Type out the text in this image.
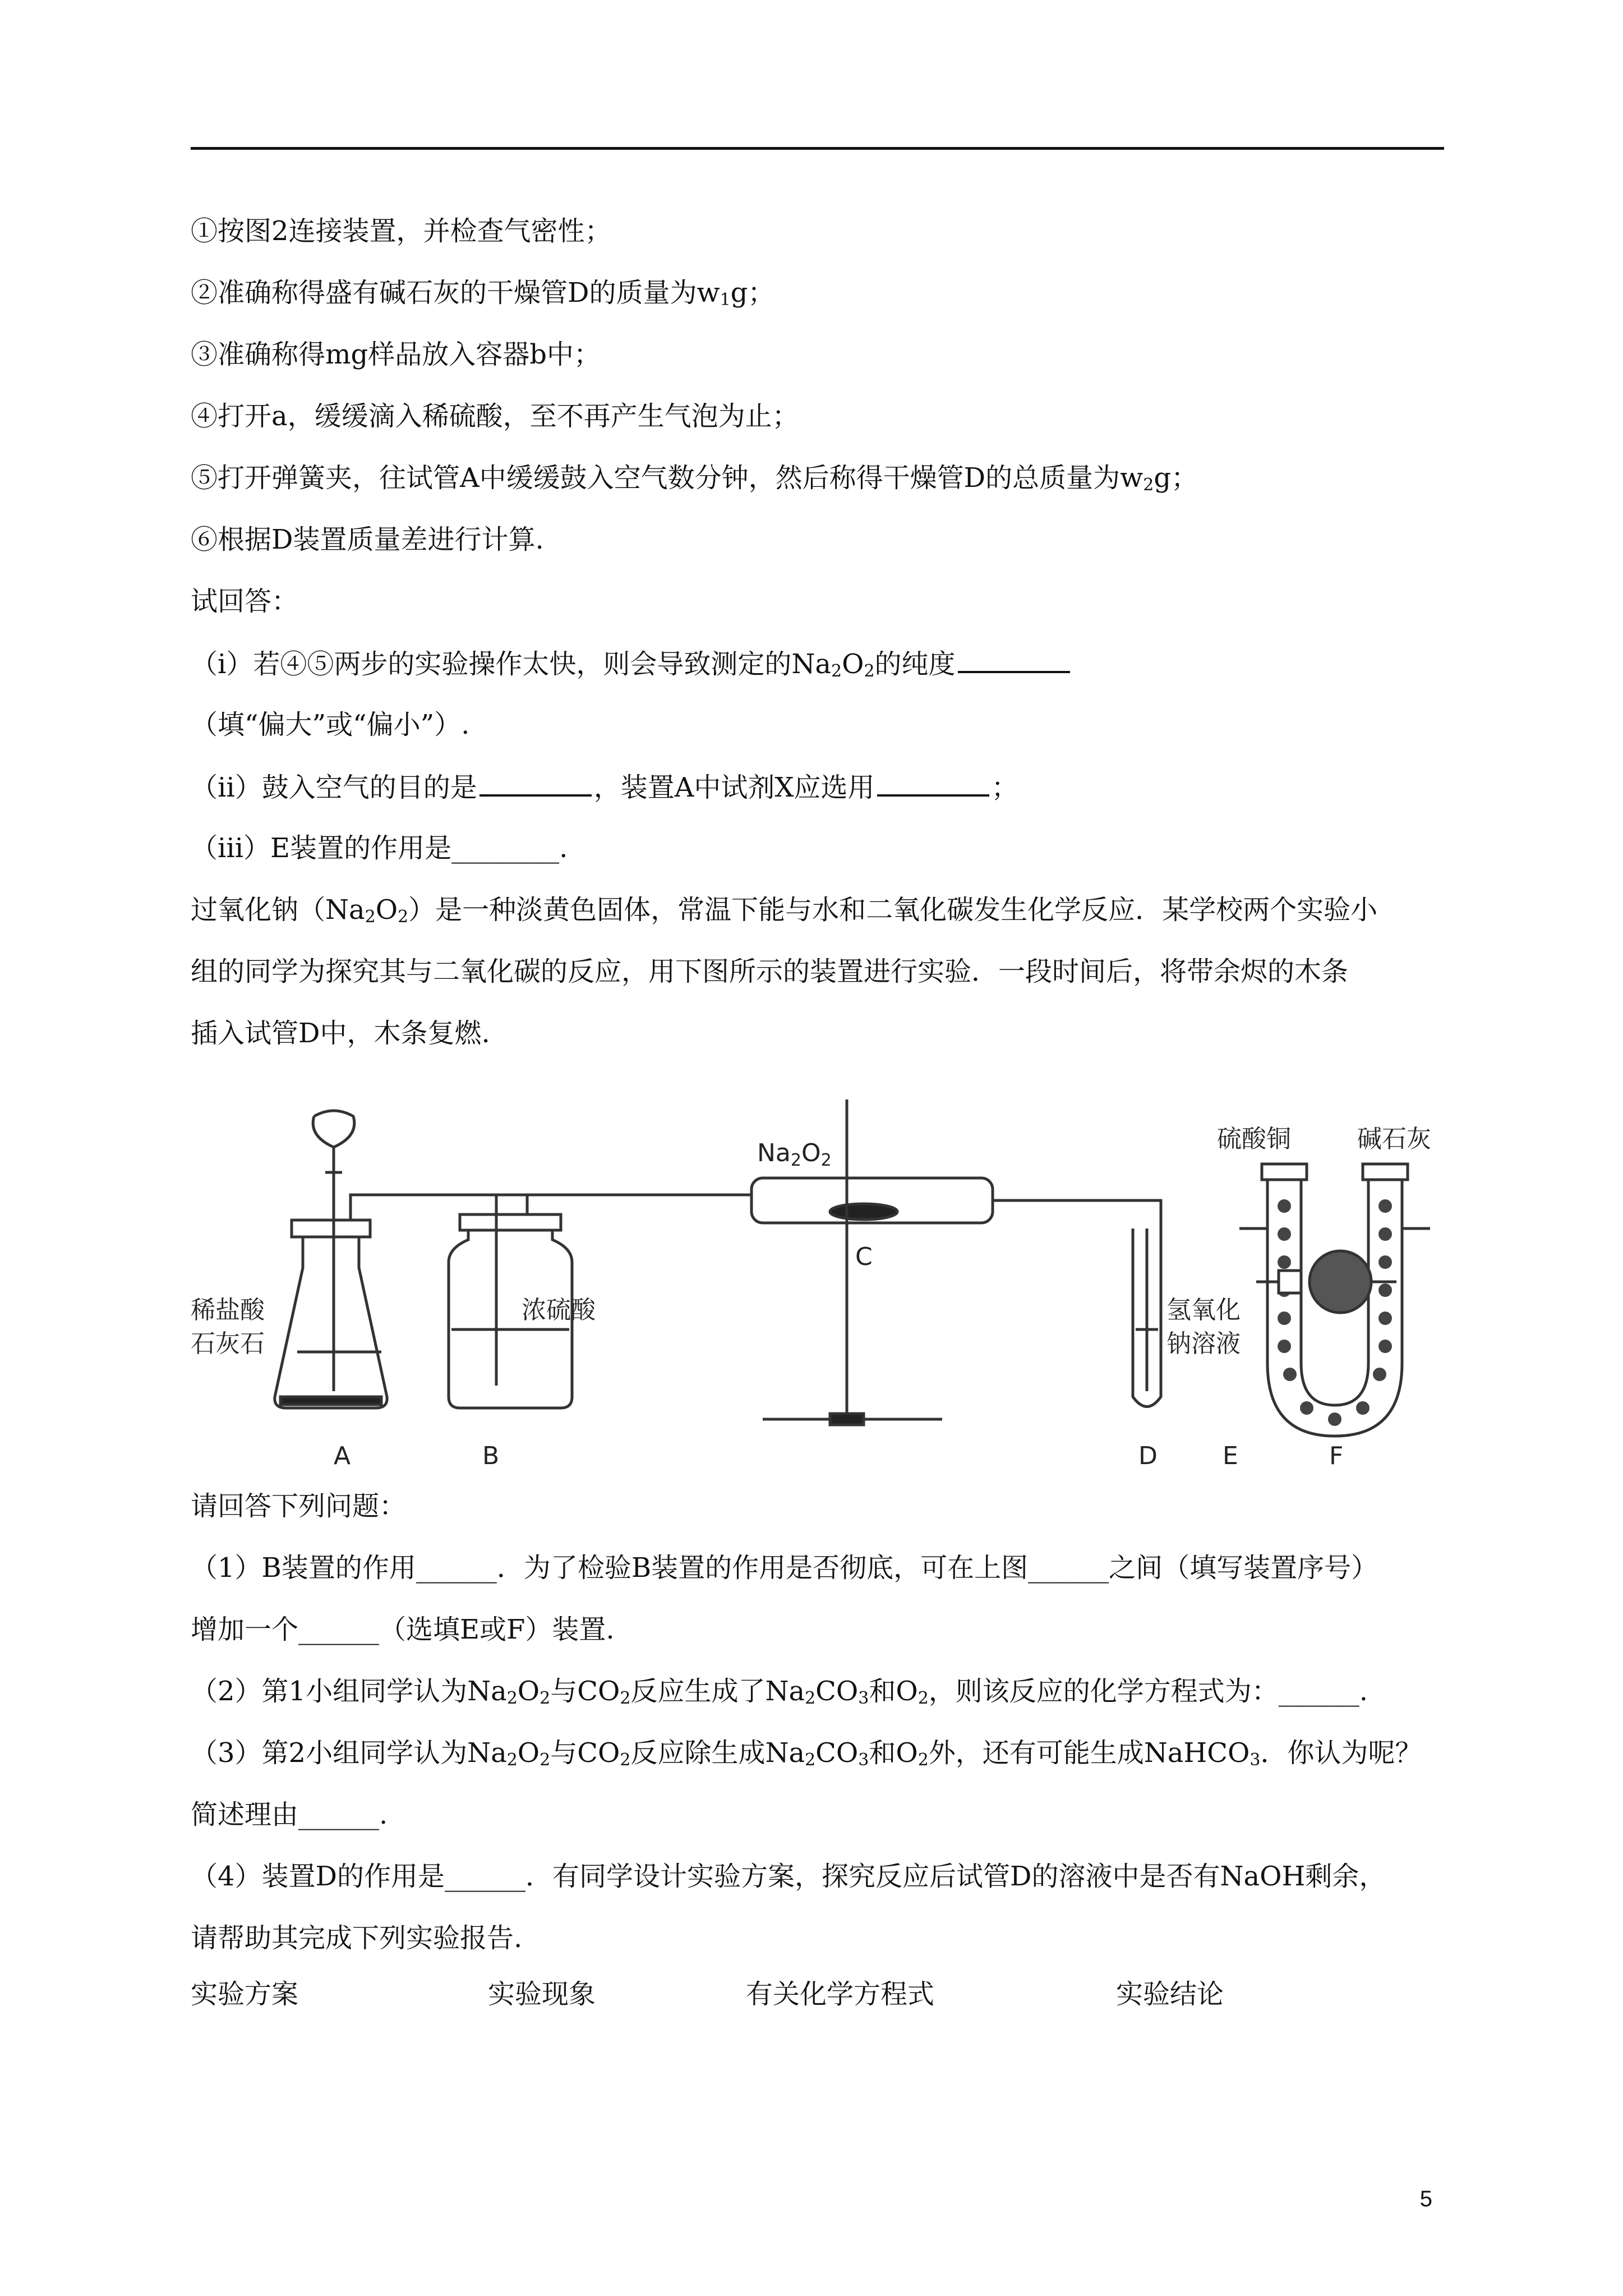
①按图2连接装置，并检查气密性；
②准确称得盛有碱石灰的干燥管D的质量为$w_1g$；
③准确称得mg样品放入容器b中；
④打开a，缓缓滴入稀硫酸，至不再产生气泡为止；
⑤打开弹簧夹，往试管A中缓缓鼓入空气数分钟，然后称得干燥管D的总质量为$w_2g$；
⑥根据D装置质量差进行计算.
试回答：
（i）若④⑤两步的实验操作太快，则会导致测定的$Na_2O_2$的纯度
（填“偏大”或“偏小”）.
（ii）鼓入空气的目的是	，装置A中试剂X应选用	；
（iii）E装置的作用是________.
过氧化钠$(Na_2O_2)$是一种淡黄色固体，常温下能与水和二氧化碳发生化学反应．某学校两个实验小
组的同学为探究其与二氧化碳的反应，用下图所示的装置进行实验．一段时间后，将带余烬的木条
插入试管D中，木条复燃.
Na2O2
C
稀盐酸
石灰石
浓硫酸	氢氧化
钠溶液
硫酸铜	碱石灰
A	B	D	E	F
请回答下列问题：
（1）B装置的作用______．为了检验B装置的作用是否彻底，可在上图______之间（填写装置序号）
增加一个______（选填E或F）装置.
（2）第1小组同学认为$Na_2O_2$与$CO_2$反应生成了$Na_2CO_3$和$O_2$，则该反应的化学方程式为：______.
（3）第2小组同学认为$Na_2O_2$与$CO_2$反应除生成$Na_2CO_3$和$O_2$外，还有可能生成NaHCO$_3$．你认为呢？
简述理由______.
（4）装置D的作用是______．有同学设计实验方案，探究反应后试管D的溶液中是否有NaOH剩余，
请帮助其完成下列实验报告.
实验方案	实验现象	有关化学方程式	实验结论
5
